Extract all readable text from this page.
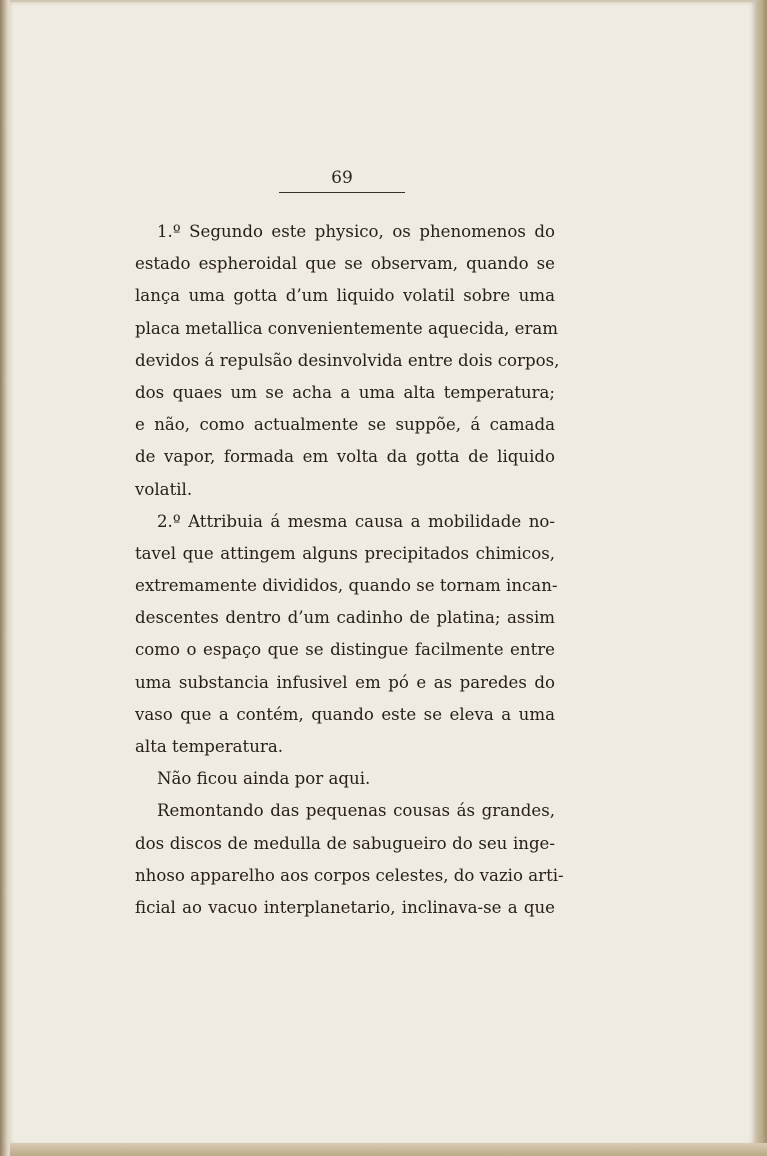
69
1.º Segundo este physico, os phenomenos do
estado espheroidal que se observam, quando se
lança uma gotta d’um liquido volatil sobre uma
placa metallica convenientemente aquecida, eram
devidos á repulsão desinvolvida entre dois corpos,
dos quaes um se acha a uma alta temperatura;
e não, como actualmente se suppõe, á camada
de vapor, formada em volta da gotta de liquido
volatil.
2.º Attribuia á mesma causa a mobilidade no-
tavel que attingem alguns precipitados chimicos,
extremamente divididos, quando se tornam incan-
descentes dentro d’um cadinho de platina; assim
como o espaço que se distingue facilmente entre
uma substancia infusivel em pó e as paredes do
vaso que a contém, quando este se eleva a uma
alta temperatura.
Não ficou ainda por aqui.
Remontando das pequenas cousas ás grandes,
dos discos de medulla de sabugueiro do seu inge-
nhoso apparelho aos corpos celestes, do vazio arti-
ficial ao vacuo interplanetario, inclinava-se a que
